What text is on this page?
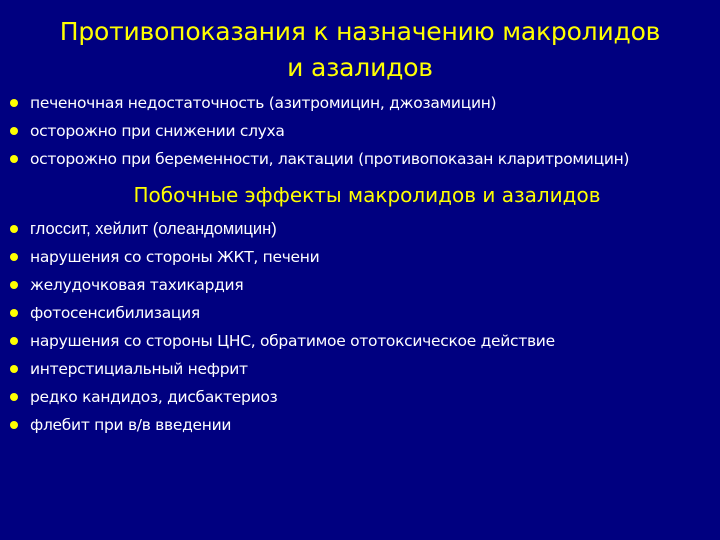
Противопоказания к назначению макролидов
и азалидов
печеночная недостаточность (азитромицин, джозамицин)
осторожно при снижении слуха
осторожно при беременности, лактации (противопоказан кларитромицин)
Побочные эффекты макролидов и азалидов
глоссит, хейлит (олеандомицин)
нарушения со стороны ЖКТ, печени
желудочковая тахикардия
фотосенсибилизация
нарушения со стороны ЦНС, обратимое ототоксическое действие
интерстициальный нефрит
редко кандидоз, дисбактериоз
флебит при в/в введении
